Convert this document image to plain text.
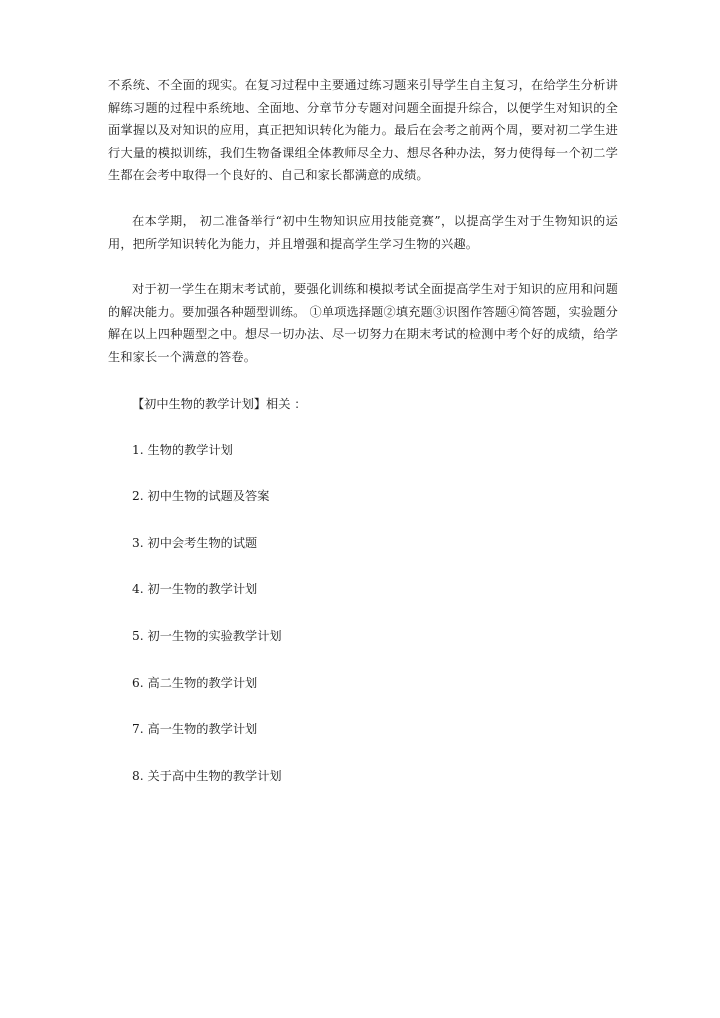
不系统、不全面的现实。在复习过程中主要通过练习题来引导学生自主复习，在给学生分析讲解练习题的过程中系统地、全面地、分章节分专题对问题全面提升综合，以便学生对知识的全面掌握以及对知识的应用，真正把知识转化为能力。最后在会考之前两个周，要对初二学生进行大量的模拟训练，我们生物备课组全体教师尽全力、想尽各种办法，努力使得每一个初二学生都在会考中取得一个良好的、自己和家长都满意的成绩。

在本学期， 初二准备举行“初中生物知识应用技能竞赛”，以提高学生对于生物知识的运用，把所学知识转化为能力，并且增强和提高学生学习生物的兴趣。

对于初一学生在期末考试前，要强化训练和模拟考试全面提高学生对于知识的应用和问题的解决能力。要加强各种题型训练。 ①单项选择题②填充题③识图作答题④简答题，实验题分解在以上四种题型之中。想尽一切办法、尽一切努力在期末考试的检测中考个好的成绩，给学生和家长一个满意的答卷。

【初中生物的教学计划】相关 ：

1. 生物的教学计划
2. 初中生物的试题及答案
3. 初中会考生物的试题
4. 初一生物的教学计划
5. 初一生物的实验教学计划
6. 高二生物的教学计划
7. 高一生物的教学计划
8. 关于高中生物的教学计划
